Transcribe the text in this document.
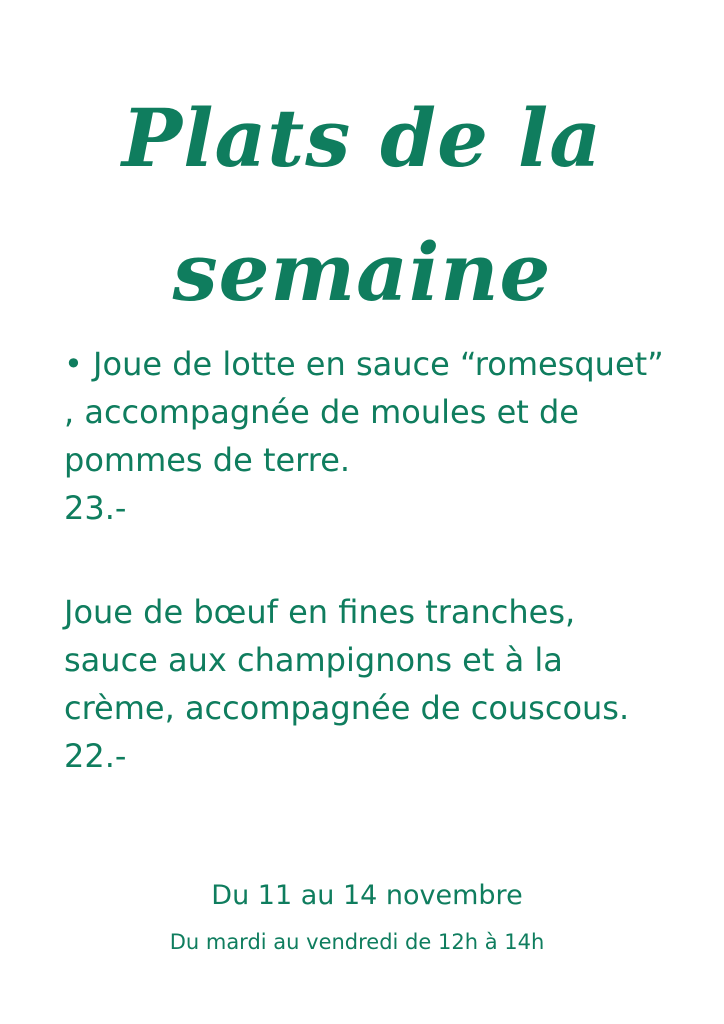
Plats de la
semaine

• Joue de lotte en sauce “romesquet” , accompagnée de moules et de pommes de terre.
23.-

Joue de bœuf en fines tranches, sauce aux champignons et à la crème, accompagnée de couscous.
22.-

Du 11 au 14 novembre

Du mardi au vendredi de 12h à 14h
